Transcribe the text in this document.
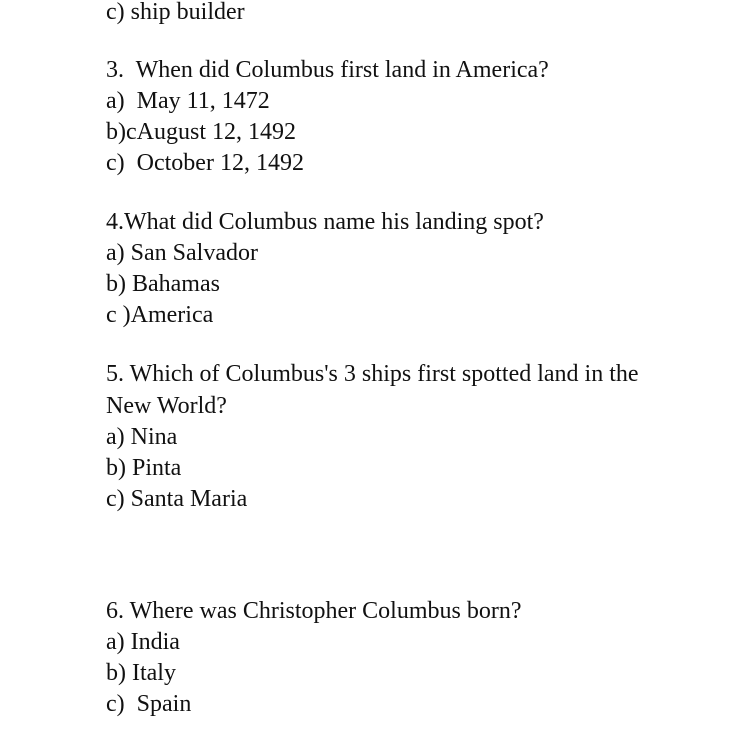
c) ship builder
3.  When did Columbus first land in America?
a)  May 11, 1472
b)cAugust 12, 1492
c)  October 12, 1492
4.What did Columbus name his landing spot?
a) San Salvador
b) Bahamas
c )America
5. Which of Columbus's 3 ships first spotted land in the
New World?
a) Nina
b) Pinta
c) Santa Maria
6. Where was Christopher Columbus born?
a) India
b) Italy
c)  Spain
